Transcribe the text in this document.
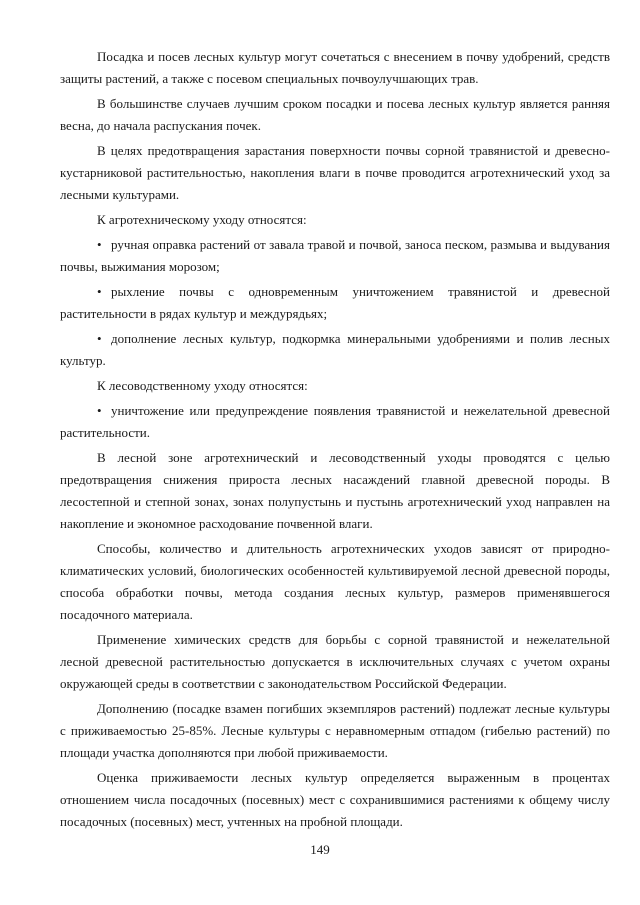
Посадка и посев лесных культур могут сочетаться с внесением в почву удобрений, средств защиты растений, а также с посевом специальных почвоулучшающих трав.

В большинстве случаев лучшим сроком посадки и посева лесных культур является ранняя весна, до начала распускания почек.

В целях предотвращения зарастания поверхности почвы сорной травянистой и древесно-кустарниковой растительностью, накопления влаги в почве проводится агротехнический уход за лесными культурами.

К агротехническому уходу относятся:

• ручная оправка растений от завала травой и почвой, заноса песком, размыва и выдувания почвы, выжимания морозом;

• рыхление почвы с одновременным уничтожением травянистой и древесной растительности в рядах культур и междурядьях;

• дополнение лесных культур, подкормка минеральными удобрениями и полив лесных культур.

К лесоводственному уходу относятся:

• уничтожение или предупреждение появления травянистой и нежелательной древесной растительности.

В лесной зоне агротехнический и лесоводственный уходы проводятся с целью предотвращения снижения прироста лесных насаждений главной древесной породы. В лесостепной и степной зонах, зонах полупустынь и пустынь агротехнический уход направлен на накопление и экономное расходование почвенной влаги.

Способы, количество и длительность агротехнических уходов зависят от природно-климатических условий, биологических особенностей культивируемой лесной древесной породы, способа обработки почвы, метода создания лесных культур, размеров применявшегося посадочного материала.

Применение химических средств для борьбы с сорной травянистой и нежелательной лесной древесной растительностью допускается в исключительных случаях с учетом охраны окружающей среды в соответствии с законодательством Российской Федерации.

Дополнению (посадке взамен погибших экземпляров растений) подлежат лесные культуры с приживаемостью 25-85%. Лесные культуры с неравномерным отпадом (гибелью растений) по площади участка дополняются при любой приживаемости.

Оценка приживаемости лесных культур определяется выраженным в процентах отношением числа посадочных (посевных) мест с сохранившимися растениями к общему числу посадочных (посевных) мест, учтенных на пробной площади.

149
